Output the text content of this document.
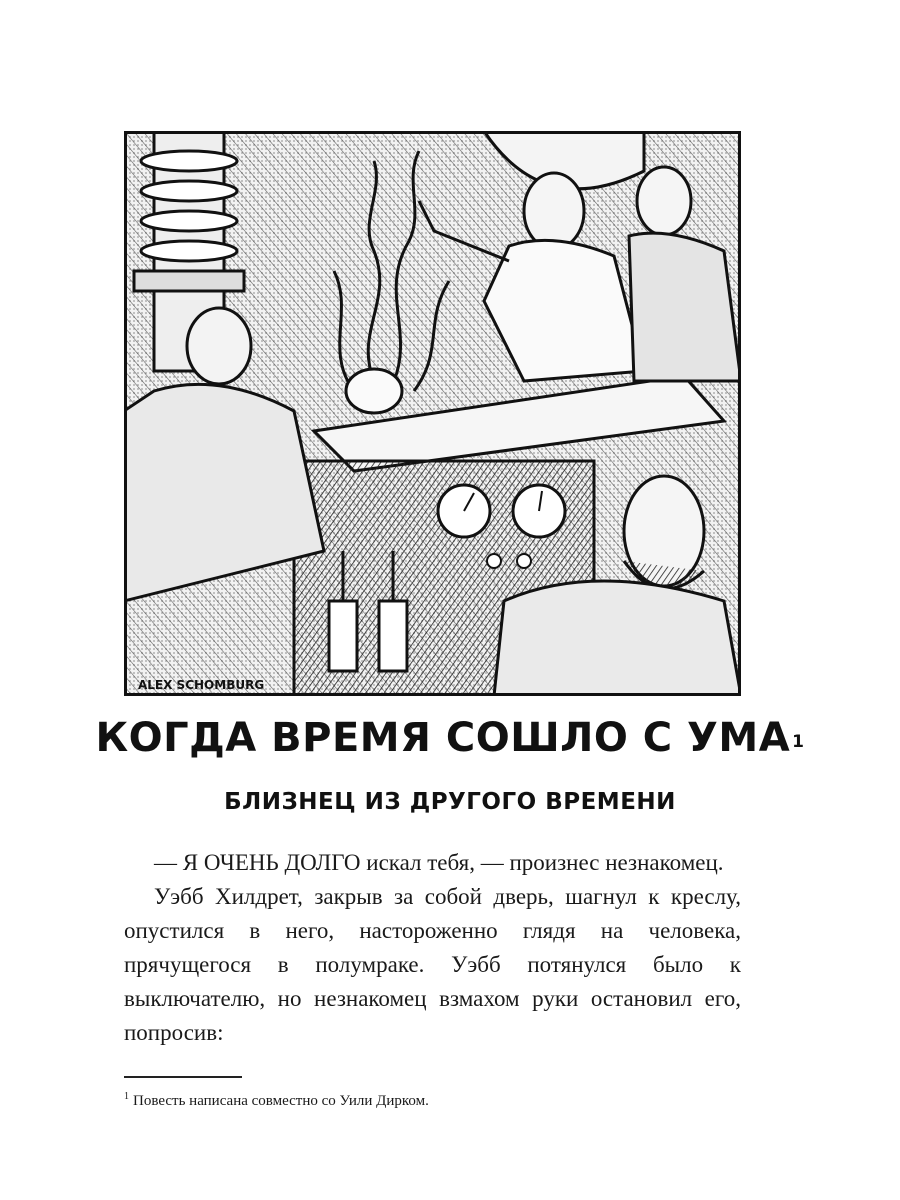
ALEX SCHOMBURG
КОГДА ВРЕМЯ СОШЛО С УМА $^1$
БЛИЗНЕЦ ИЗ ДРУГОГО ВРЕМЕНИ

— Я ОЧЕНЬ ДОЛГО искал тебя, — произнес незнакомец.

Уэбб Хилдрет, закрыв за собой дверь, шагнул к креслу, опустился в него, настороженно глядя на человека, прячущегося в полумраке. Уэбб потянулся было к выключателю, но незнакомец взмахом руки остановил его, попросив:

$^1$ Повесть написана совместно со Уили Дирком.
